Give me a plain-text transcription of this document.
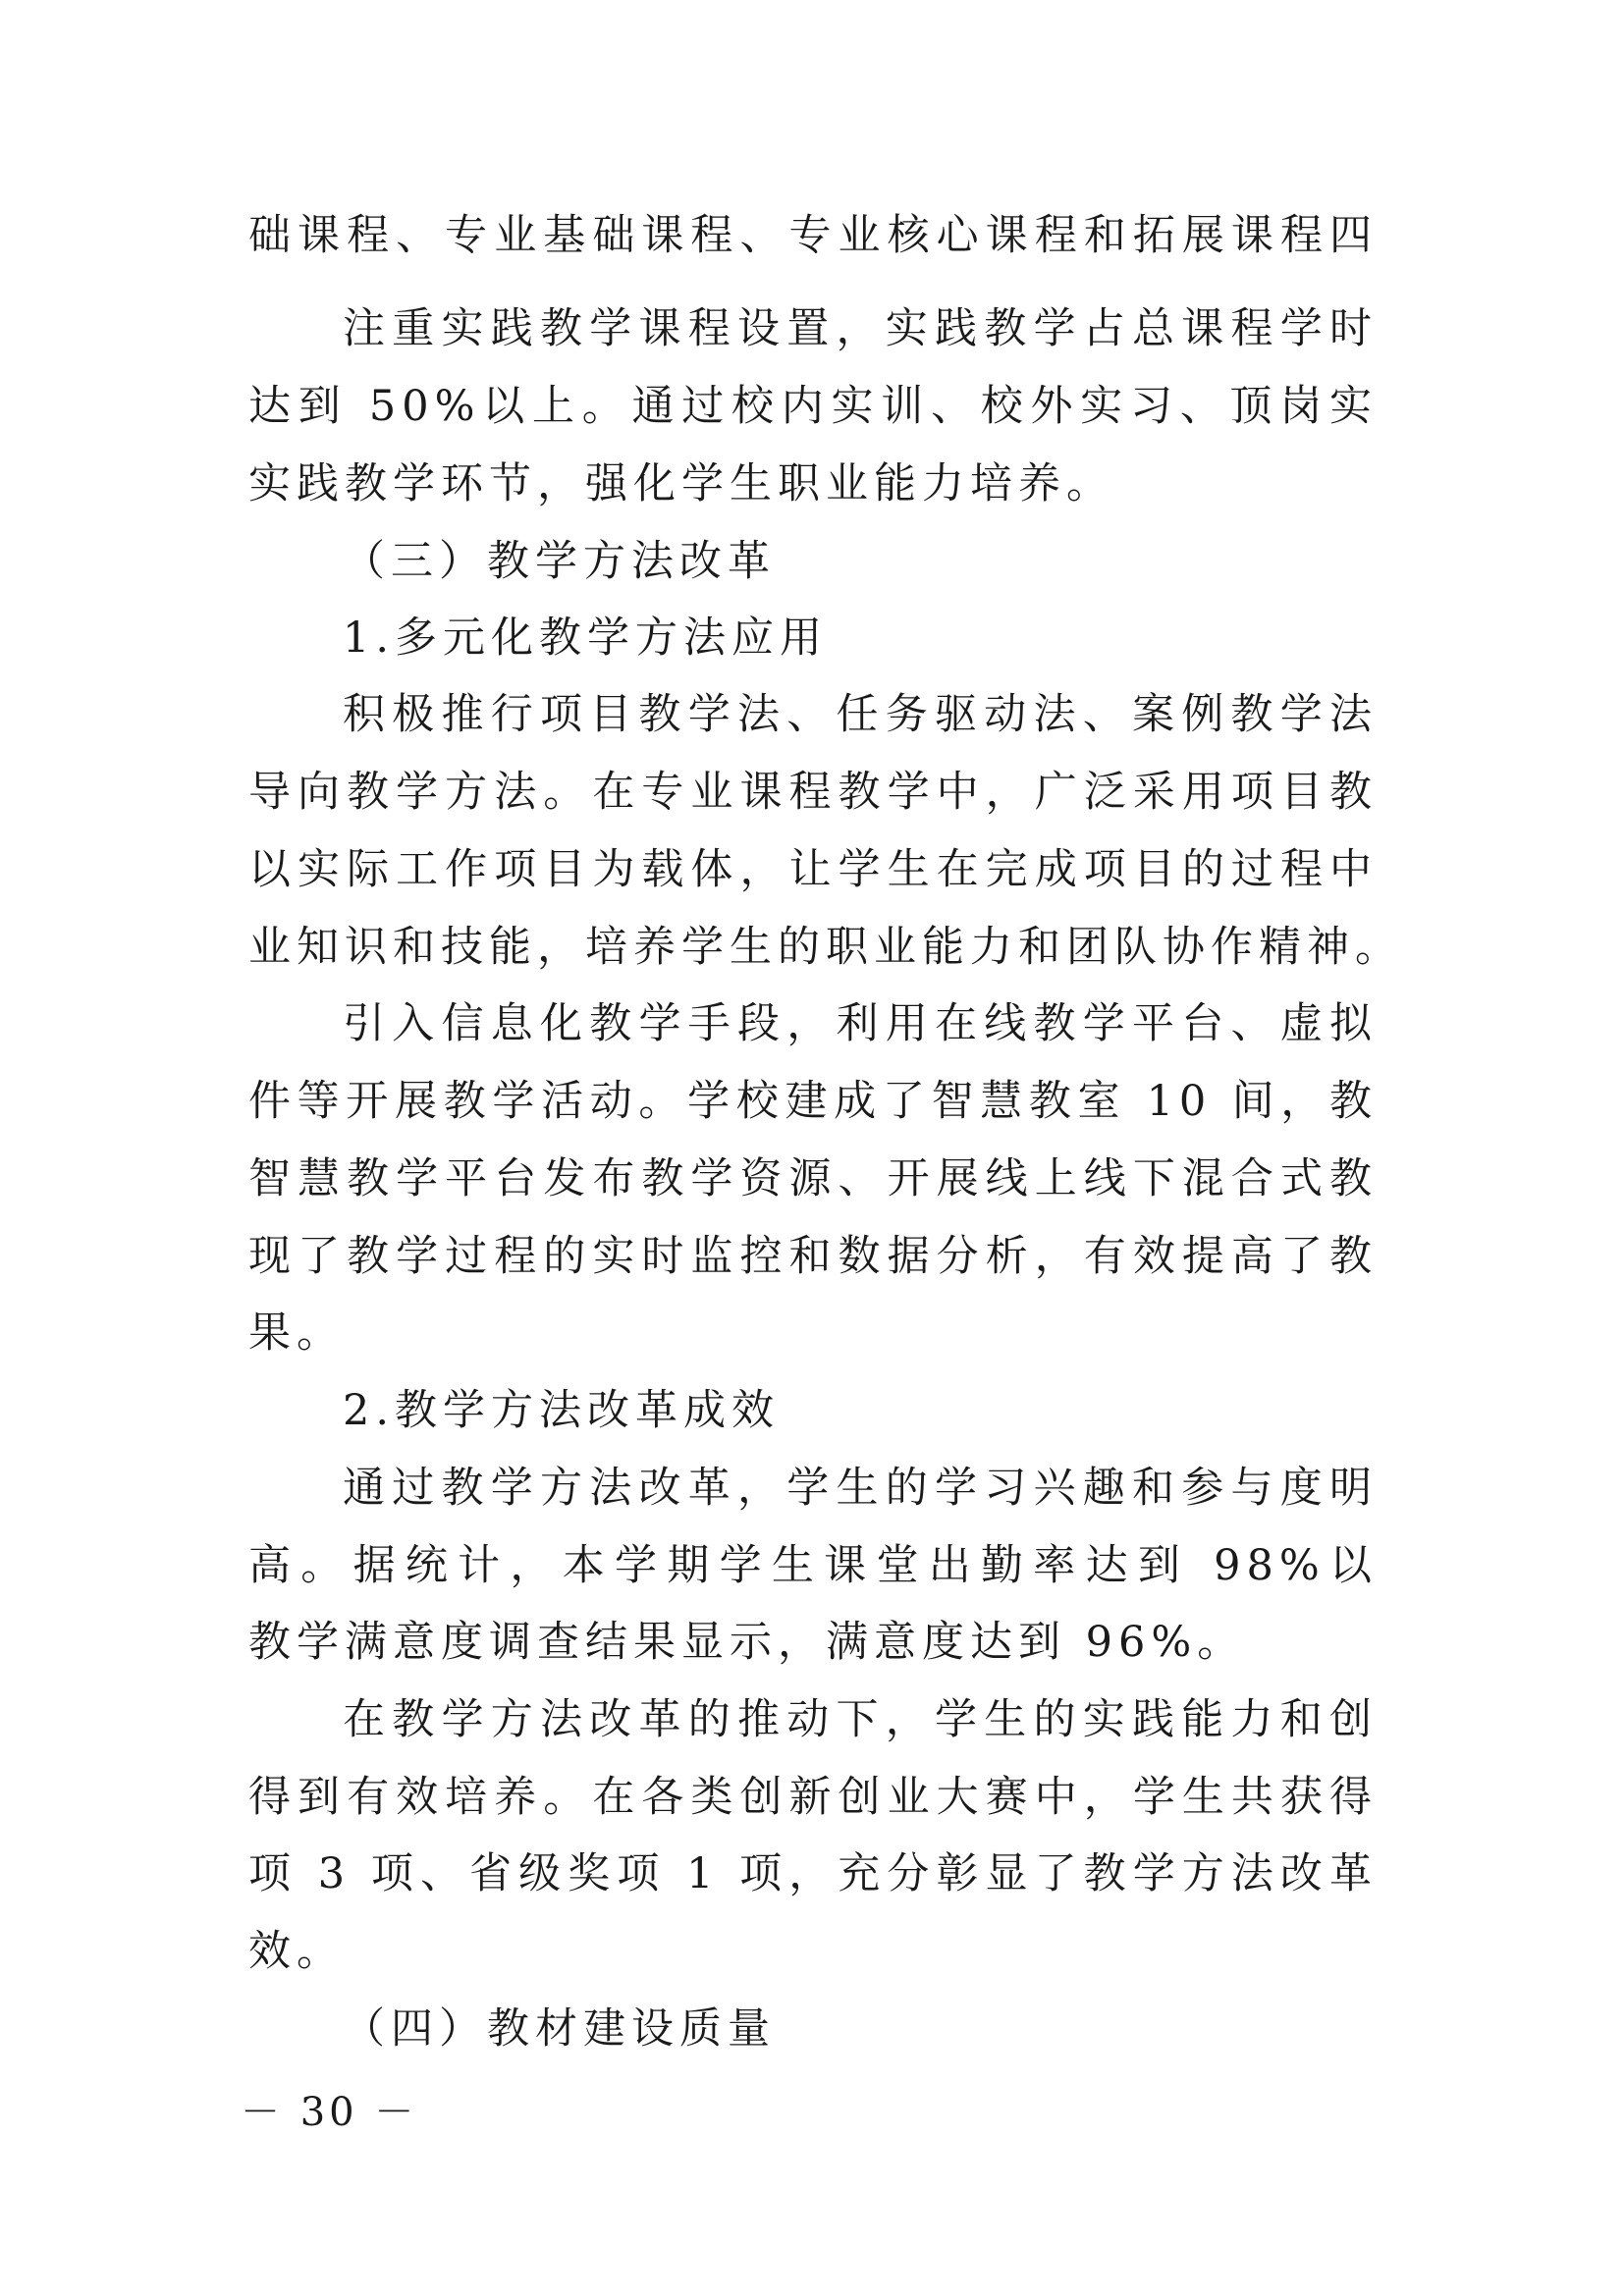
础课程、专业基础课程、专业核心课程和拓展课程四
注重实践教学课程设置，实践教学占总课程学时
达到 50%以上。通过校内实训、校外实习、顶岗实
实践教学环节，强化学生职业能力培养。
（三）教学方法改革
1.多元化教学方法应用
积极推行项目教学法、任务驱动法、案例教学法
导向教学方法。在专业课程教学中，广泛采用项目教
以实际工作项目为载体，让学生在完成项目的过程中
业知识和技能，培养学生的职业能力和团队协作精神。
引入信息化教学手段，利用在线教学平台、虚拟
件等开展教学活动。学校建成了智慧教室 10 间，教
智慧教学平台发布教学资源、开展线上线下混合式教
现了教学过程的实时监控和数据分析，有效提高了教
果。
2.教学方法改革成效
通过教学方法改革，学生的学习兴趣和参与度明
高。据统计，本学期学生课堂出勤率达到 98%以
教学满意度调查结果显示，满意度达到 96%。
在教学方法改革的推动下，学生的实践能力和创
得到有效培养。在各类创新创业大赛中，学生共获得
项 3 项、省级奖项 1 项，充分彰显了教学方法改革
效。
（四）教材建设质量
－ 30 －
